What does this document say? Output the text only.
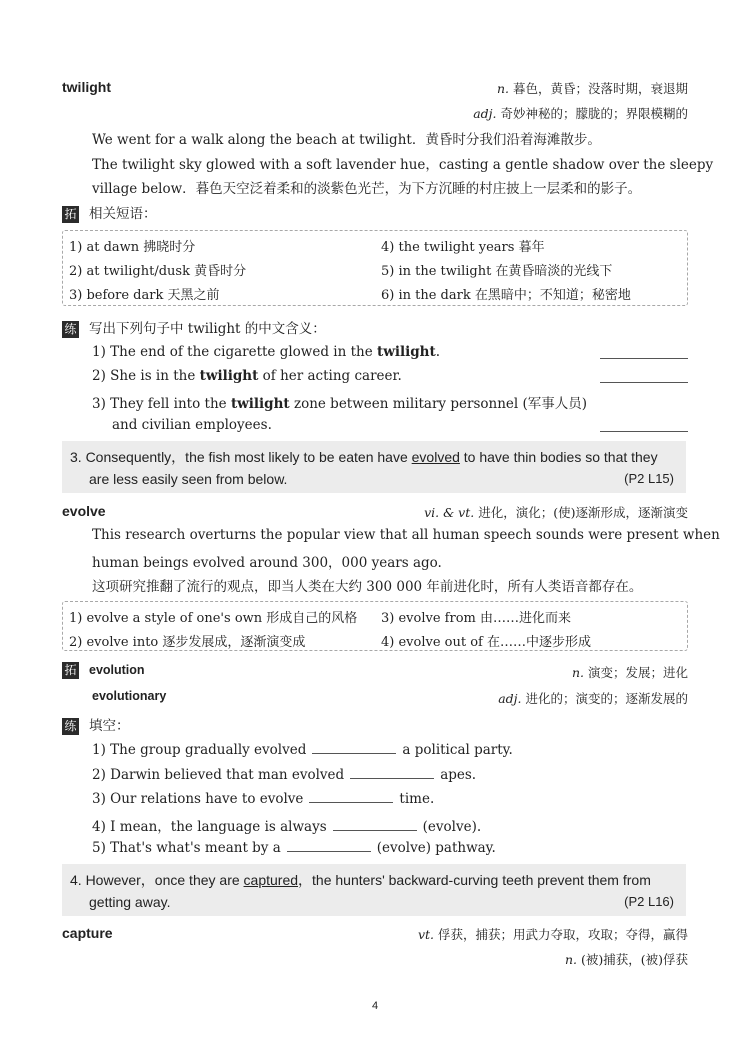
twilight	n. 暮色，黄昏；没落时期，衰退期
adj. 奇妙神秘的；朦胧的；界限模糊的
We went for a walk along the beach at twilight．黄昏时分我们沿着海滩散步。
The twilight sky glowed with a soft lavender hue，casting a gentle shadow over the sleepy
village below．暮色天空泛着柔和的淡紫色光芒，为下方沉睡的村庄披上一层柔和的影子。
拓 相关短语：
1) at dawn 拂晓时分	4) the twilight years 暮年
2) at twilight/dusk 黄昏时分	5) in the twilight 在黄昏暗淡的光线下
3) before dark 天黑之前	6) in the dark 在黑暗中；不知道；秘密地
练 写出下列句子中 twilight 的中文含义：
1) The end of the cigarette glowed in the twilight.
2) She is in the twilight of her acting career.
3) They fell into the twilight zone between military personnel (军事人员)
and civilian employees.
3. Consequently，the fish most likely to be eaten have evolved to have thin bodies so that they
are less easily seen from below.	(P2 L15)
evolve	vi. & vt. 进化，演化；(使)逐渐形成，逐渐演变
This research overturns the popular view that all human speech sounds were present when
human beings evolved around 300，000 years ago.
这项研究推翻了流行的观点，即当人类在大约 300 000 年前进化时，所有人类语音都存在。
1) evolve a style of one's own 形成自己的风格 3) evolve from 由……进化而来
2) evolve into 逐步发展成，逐渐演变成	4) evolve out of 在……中逐步形成
拓 evolution	n. 演变；发展；进化
evolutionary	adj. 进化的；演变的；逐渐发展的
练 填空：
1) The group gradually evolved	a political party.
2) Darwin believed that man evolved	apes.
3) Our relations have to evolve	time.
4) I mean，the language is always	(evolve).
5) That's what's meant by a	(evolve) pathway.
4. However，once they are captured，the hunters' backward-curving teeth prevent them from
getting away.	(P2 L16)
capture	vt. 俘获，捕获；用武力夺取，攻取；夺得，赢得
n. (被)捕获，(被)俘获
4
